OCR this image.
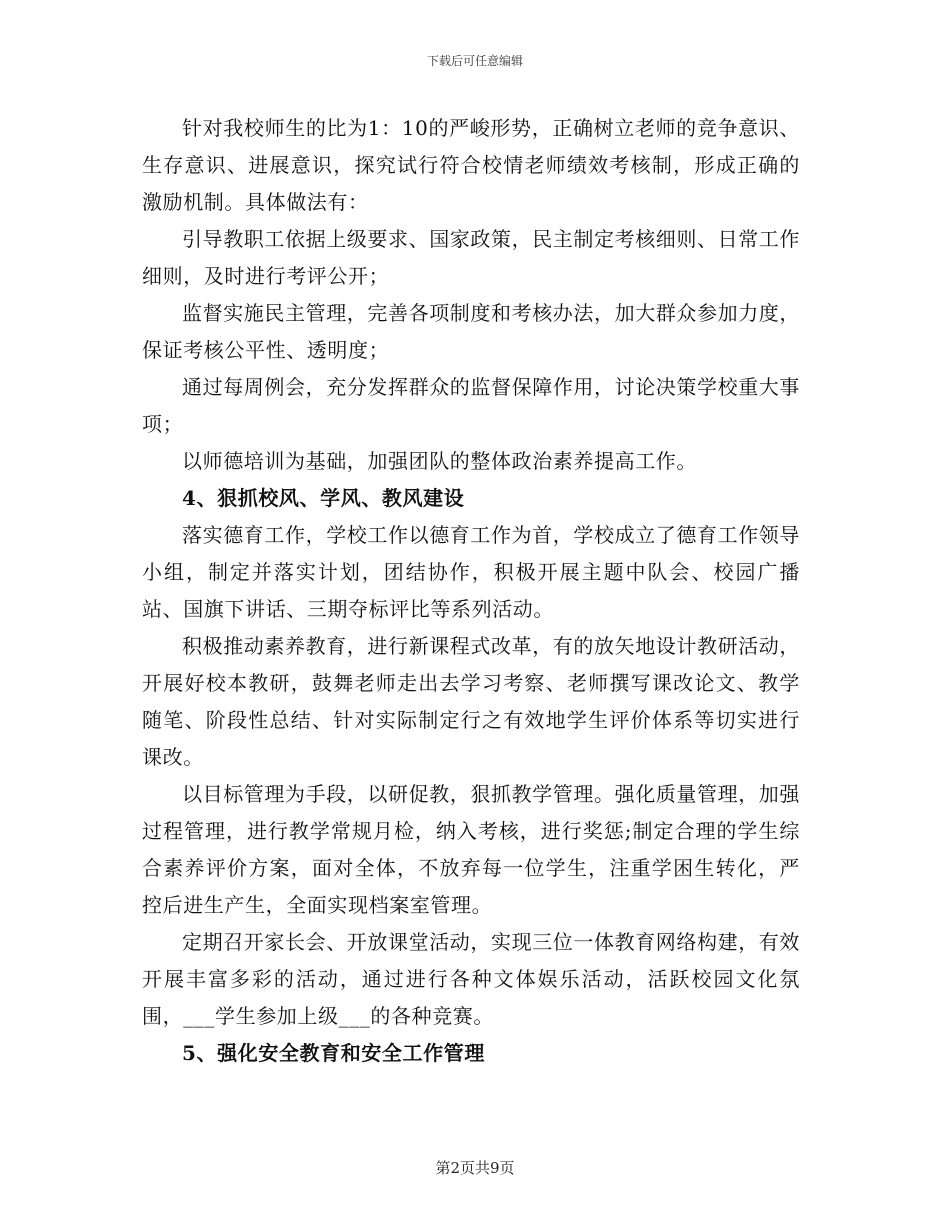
下载后可任意编辑

针对我校师生的比为1：10的严峻形势，正确树立老师的竞争意识、生存意识、进展意识，探究试行符合校情老师绩效考核制，形成正确的激励机制。具体做法有：

引导教职工依据上级要求、国家政策，民主制定考核细则、日常工作细则，及时进行考评公开；

监督实施民主管理，完善各项制度和考核办法，加大群众参加力度，保证考核公平性、透明度；

通过每周例会，充分发挥群众的监督保障作用，讨论决策学校重大事项；

以师德培训为基础，加强团队的整体政治素养提高工作。

4、狠抓校风、学风、教风建设

落实德育工作，学校工作以德育工作为首，学校成立了德育工作领导小组，制定并落实计划，团结协作，积极开展主题中队会、校园广播站、国旗下讲话、三期夺标评比等系列活动。

积极推动素养教育，进行新课程式改革，有的放矢地设计教研活动，开展好校本教研，鼓舞老师走出去学习考察、老师撰写课改论文、教学随笔、阶段性总结、针对实际制定行之有效地学生评价体系等切实进行课改。

以目标管理为手段，以研促教，狠抓教学管理。强化质量管理，加强过程管理，进行教学常规月检，纳入考核，进行奖惩;制定合理的学生综合素养评价方案，面对全体，不放弃每一位学生，注重学困生转化，严控后进生产生，全面实现档案室管理。

定期召开家长会、开放课堂活动，实现三位一体教育网络构建，有效开展丰富多彩的活动，通过进行各种文体娱乐活动，活跃校园文化氛围，___学生参加上级___的各种竞赛。

5、强化安全教育和安全工作管理

第2页共9页
